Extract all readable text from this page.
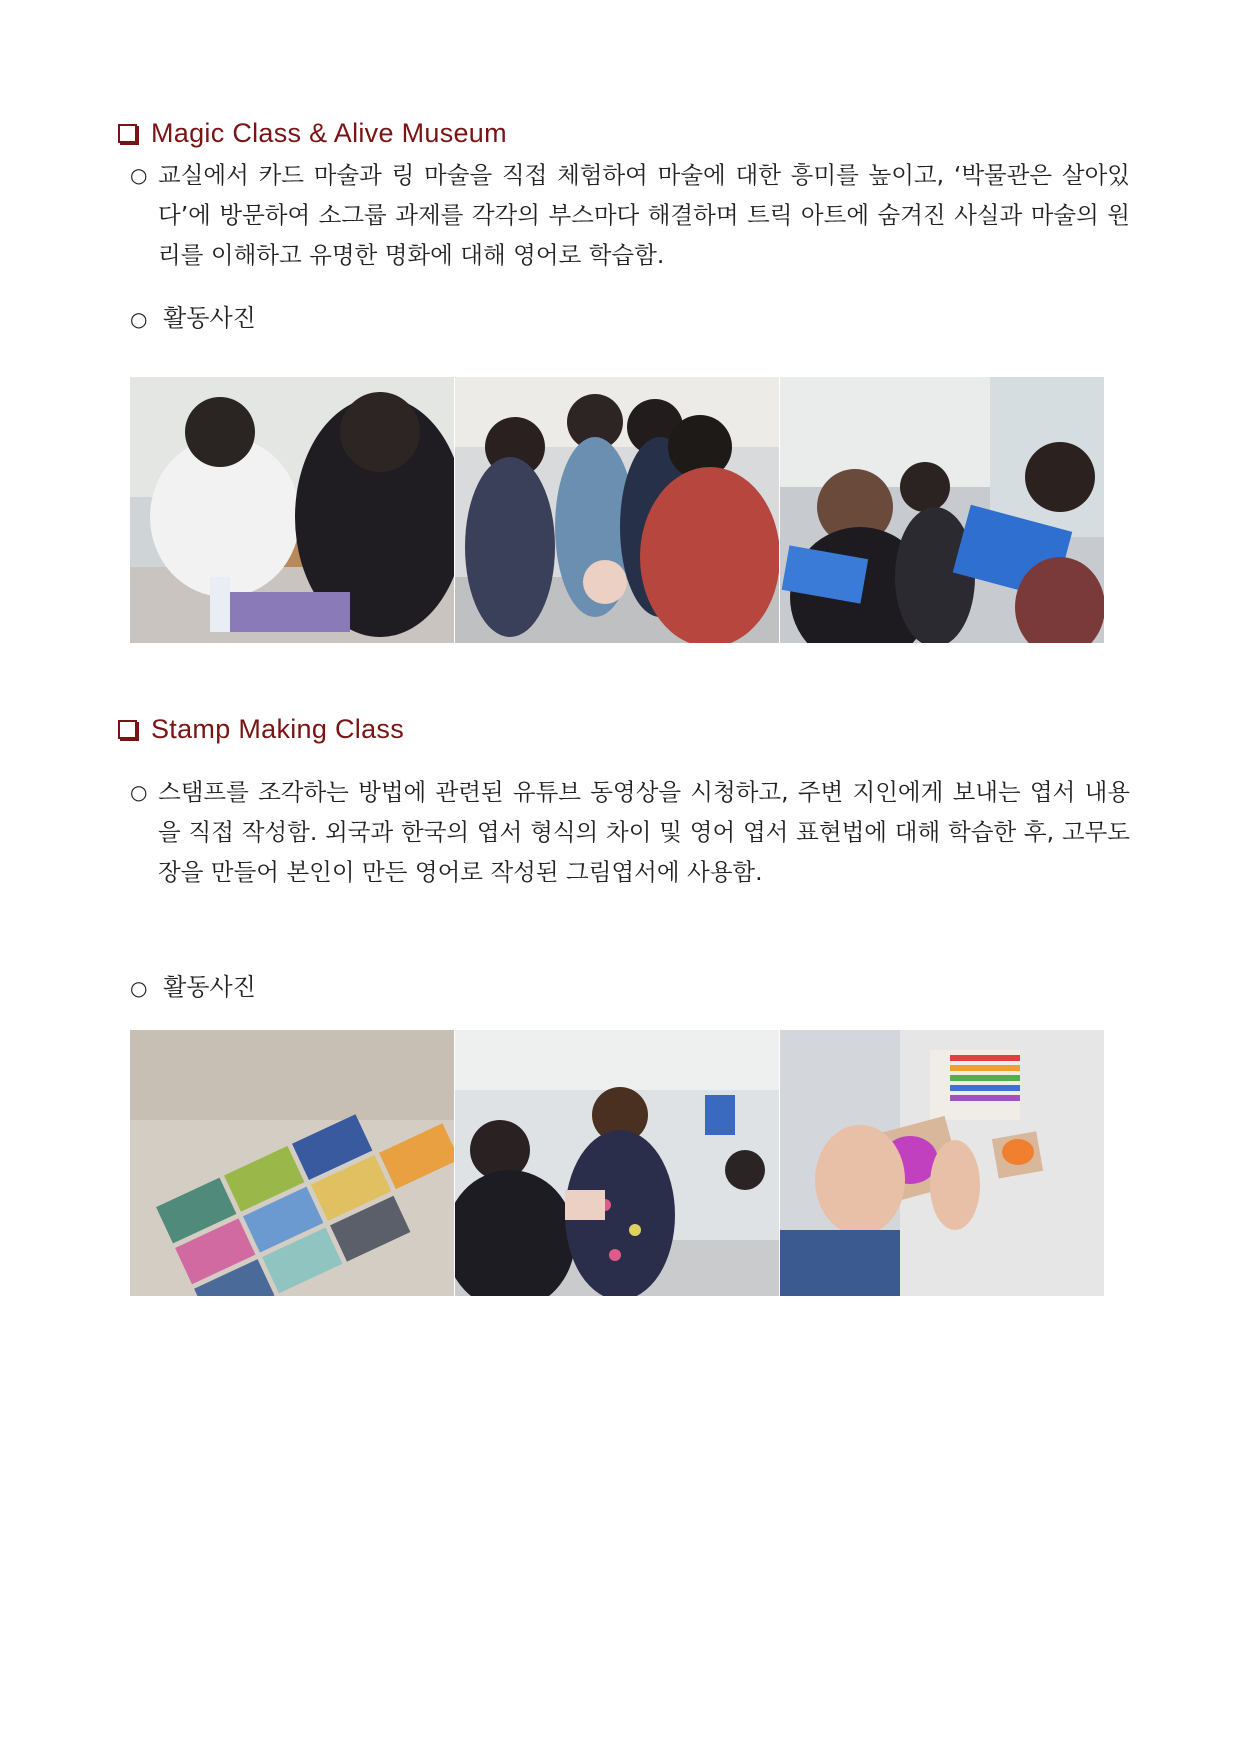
Magic Class & Alive Museum
○ 교실에서 카드 마술과 링 마술을 직접 체험하여 마술에 대한 흥미를 높이고, ‘박물관은 살아있다’에 방문하여 소그룹 과제를 각각의 부스마다 해결하며 트릭 아트에 숨겨진 사실과 마술의 원리를 이해하고 유명한 명화에 대해 영어로 학습함.
○ 활동사진
Stamp Making Class
○ 스탬프를 조각하는 방법에 관련된 유튜브 동영상을 시청하고, 주변 지인에게 보내는 엽서 내용을 직접 작성함. 외국과 한국의 엽서 형식의 차이 및 영어 엽서 표현법에 대해 학습한 후, 고무도장을 만들어 본인이 만든 영어로 작성된 그림엽서에 사용함.
○ 활동사진
